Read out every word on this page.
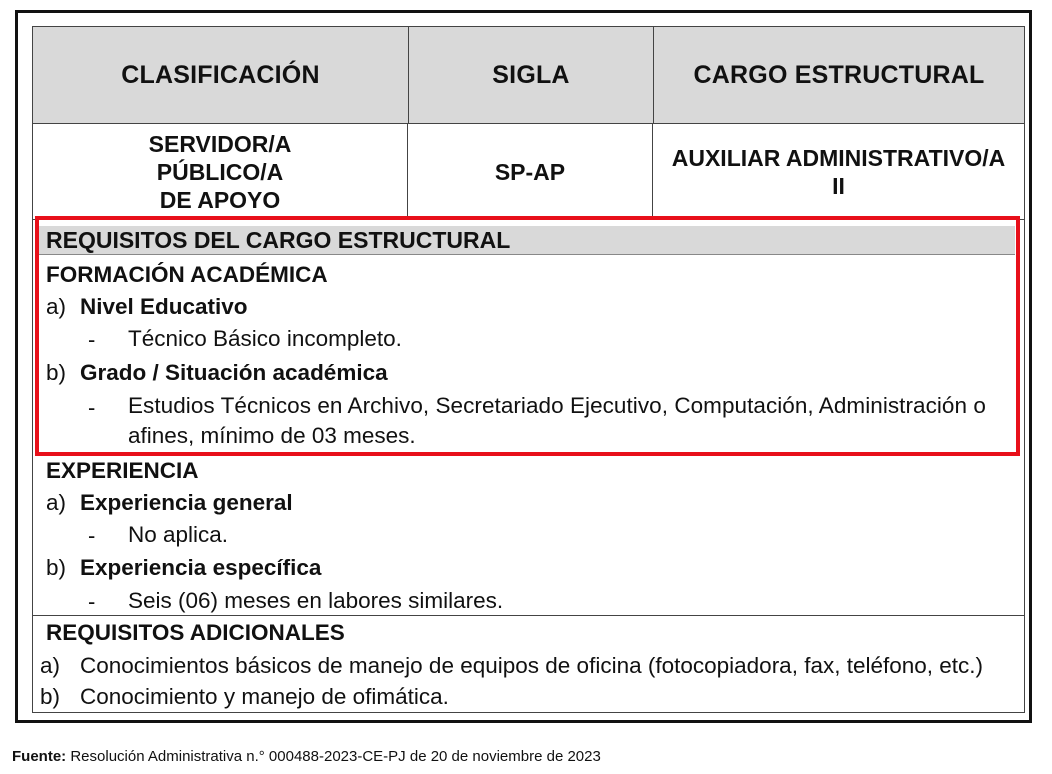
CLASIFICACIÓN	SIGLA	CARGO ESTRUCTURAL
SERVIDOR/A
PÚBLICO/A
DE APOYO
SP-AP
AUXILIAR ADMINISTRATIVO/A
II
REQUISITOS DEL CARGO ESTRUCTURAL
FORMACIÓN ACADÉMICA
a) Nivel Educativo
- Técnico Básico incompleto.
b) Grado / Situación académica
- Estudios Técnicos en Archivo, Secretariado Ejecutivo, Computación, Administración o
afines, mínimo de 03 meses.
EXPERIENCIA
a) Experiencia general
- No aplica.
b) Experiencia específica
- Seis (06) meses en labores similares.
REQUISITOS ADICIONALES
a) Conocimientos básicos de manejo de equipos de oficina (fotocopiadora, fax, teléfono, etc.)
b) Conocimiento y manejo de ofimática.
Fuente: Resolución Administrativa n.° 000488-2023-CE-PJ de 20 de noviembre de 2023
